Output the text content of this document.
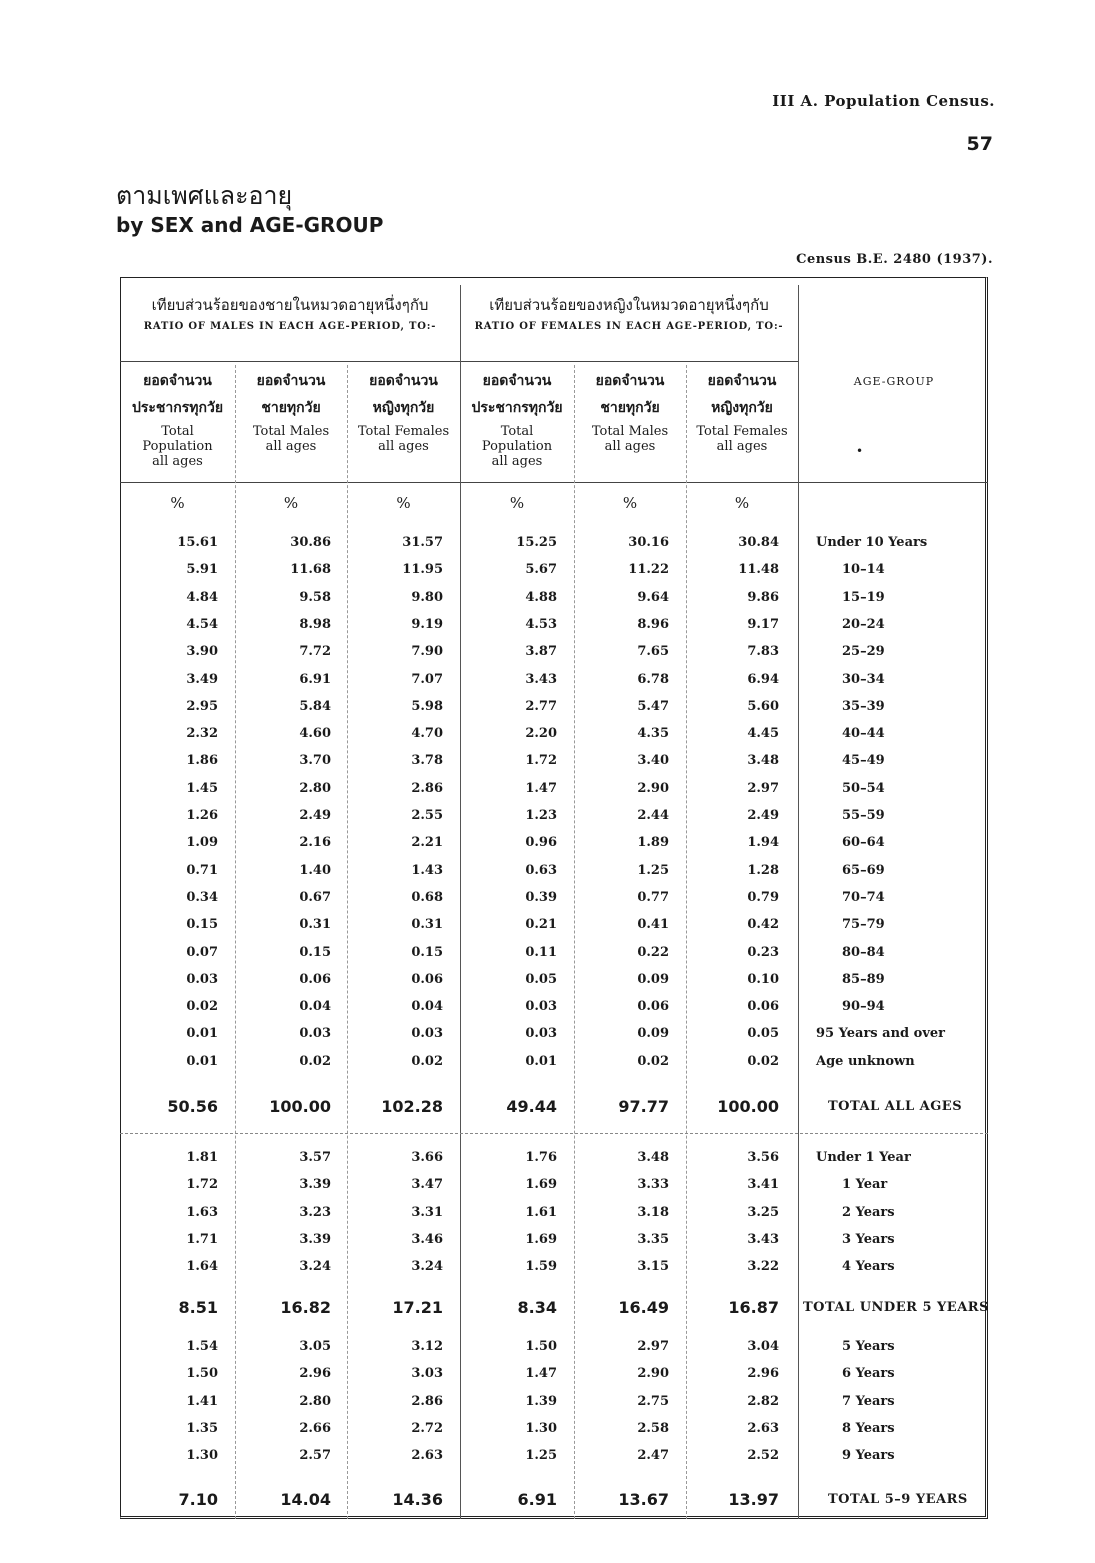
III A. Population Census.
57
ตามเพศและอายุ
by SEX and AGE-GROUP
Census B.E. 2480 (1937).
เทียบส่วนร้อยของชายในหมวดอายุหนึ่งๆกับ
RATIO OF MALES IN EACH AGE-PERIOD, TO:-
เทียบส่วนร้อยของหญิงในหมวดอายุหนึ่งๆกับ
RATIO OF FEMALES IN EACH AGE-PERIOD, TO:-
ยอดจำนวน
ประชากรทุกวัย
Total
Population
all ages
ยอดจำนวน
ชายทุกวัย
Total Males
all ages
ยอดจำนวน
หญิงทุกวัย
Total Females
all ages
ยอดจำนวน
ประชากรทุกวัย
Total
Population
all ages
ยอดจำนวน
ชายทุกวัย
Total Males
all ages
ยอดจำนวน
หญิงทุกวัย
Total Females
all ages
AGE-GROUP
•
%	%	%	%	%	%
15.61	30.86	31.57	15.25	30.16	30.84	Under 10 Years
5.91	11.68	11.95	5.67	11.22	11.48	10–14
4.84	9.58	9.80	4.88	9.64	9.86	15–19
4.54	8.98	9.19	4.53	8.96	9.17	20–24
3.90	7.72	7.90	3.87	7.65	7.83	25–29
3.49	6.91	7.07	3.43	6.78	6.94	30–34
2.95	5.84	5.98	2.77	5.47	5.60	35–39
2.32	4.60	4.70	2.20	4.35	4.45	40–44
1.86	3.70	3.78	1.72	3.40	3.48	45–49
1.45	2.80	2.86	1.47	2.90	2.97	50–54
1.26	2.49	2.55	1.23	2.44	2.49	55–59
1.09	2.16	2.21	0.96	1.89	1.94	60–64
0.71	1.40	1.43	0.63	1.25	1.28	65–69
0.34	0.67	0.68	0.39	0.77	0.79	70–74
0.15	0.31	0.31	0.21	0.41	0.42	75–79
0.07	0.15	0.15	0.11	0.22	0.23	80–84
0.03	0.06	0.06	0.05	0.09	0.10	85–89
0.02	0.04	0.04	0.03	0.06	0.06	90–94
0.01	0.03	0.03	0.03	0.09	0.05	95 Years and over
0.01	0.02	0.02	0.01	0.02	0.02	Age unknown
50.56	100.00	102.28	49.44	97.77	100.00	TOTAL ALL AGES
1.81	3.57	3.66	1.76	3.48	3.56	Under 1 Year
1.72	3.39	3.47	1.69	3.33	3.41	1 Year
1.63	3.23	3.31	1.61	3.18	3.25	2 Years
1.71	3.39	3.46	1.69	3.35	3.43	3 Years
1.64	3.24	3.24	1.59	3.15	3.22	4 Years
8.51	16.82	17.21	8.34	16.49	16.87 TOTAL UNDER 5 YEARS
1.54	3.05	3.12	1.50	2.97	3.04	5 Years
1.50	2.96	3.03	1.47	2.90	2.96	6 Years
1.41	2.80	2.86	1.39	2.75	2.82	7 Years
1.35	2.66	2.72	1.30	2.58	2.63	8 Years
1.30	2.57	2.63	1.25	2.47	2.52	9 Years
7.10	14.04	14.36	6.91	13.67	13.97	TOTAL 5–9 YEARS
